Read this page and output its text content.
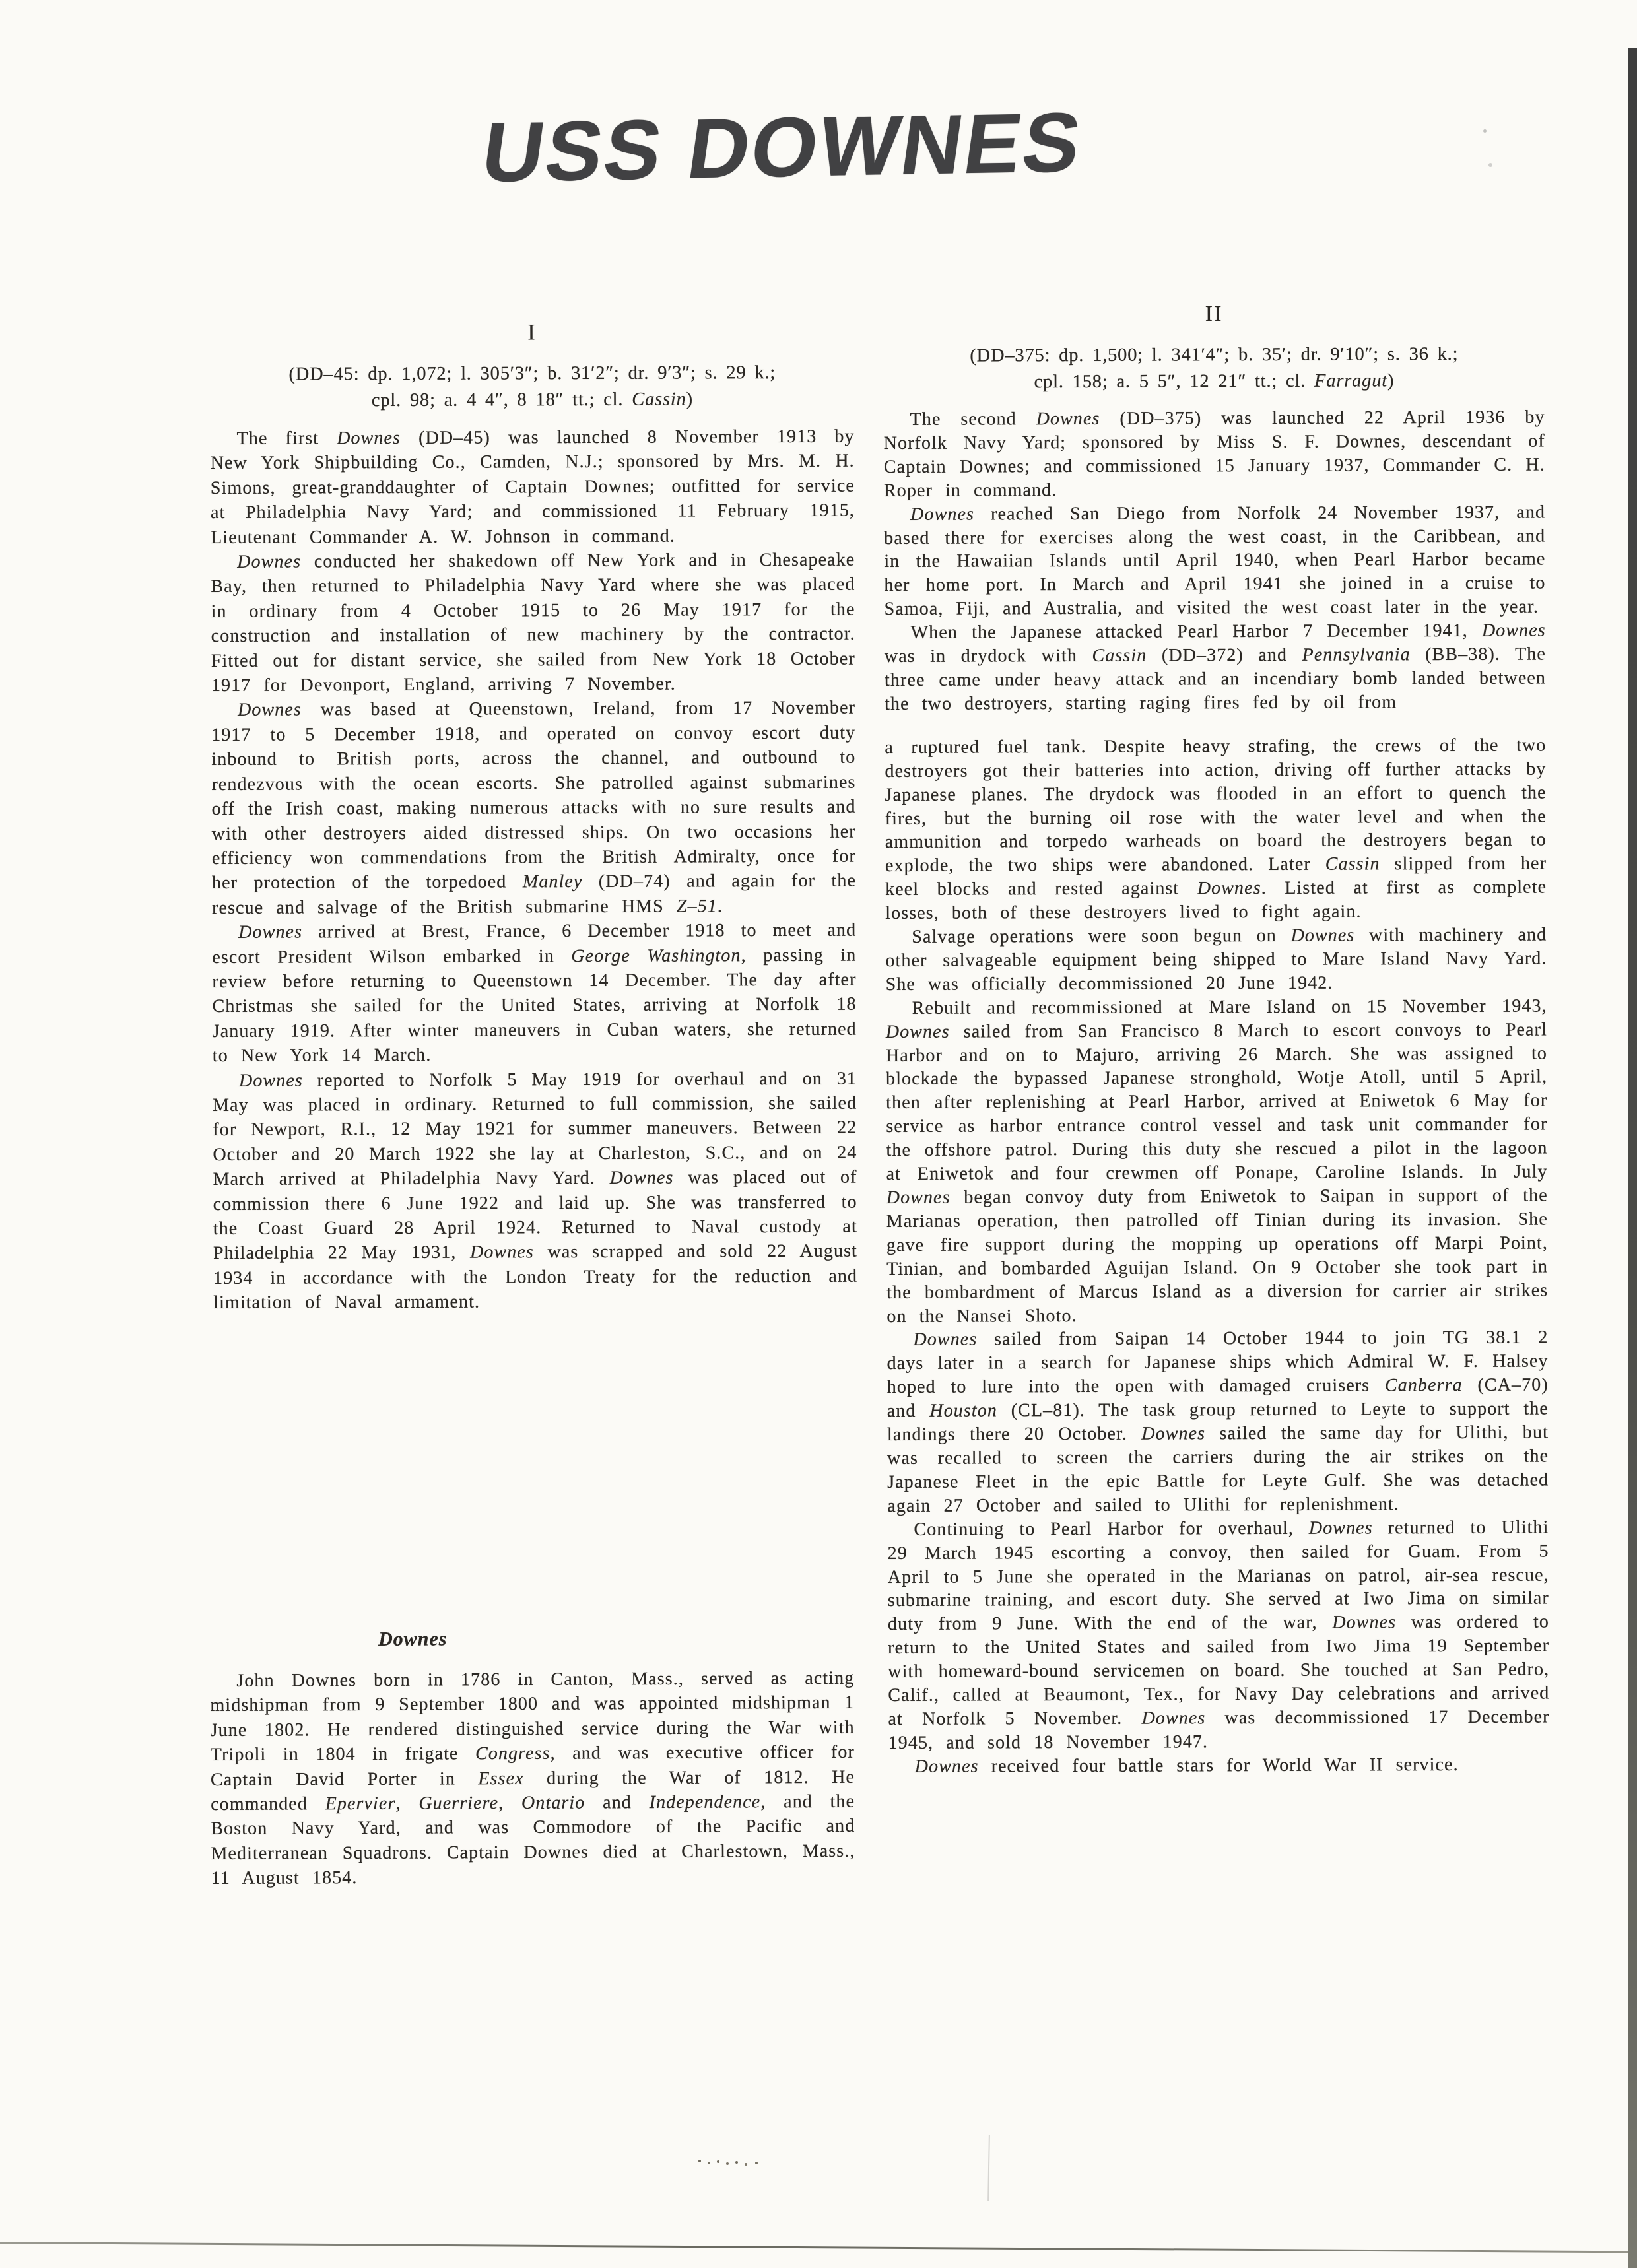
USS DOWNES
I
(DD–45: dp. 1,072; l. 305′3″; b. 31′2″; dr. 9′3″; s. 29 k.;
cpl. 98; a. 4 4″, 8 18″ tt.; cl. Cassin)

The first Downes (DD–45) was launched 8 November 1913 by New York Shipbuilding Co., Camden, N.J.; sponsored by Mrs. M. H. Simons, great-granddaughter of Captain Downes; outfitted for service at Philadelphia Navy Yard; and commissioned 11 February 1915, Lieutenant Commander A. W. Johnson in command.

Downes conducted her shakedown off New York and in Chesapeake Bay, then returned to Philadelphia Navy Yard where she was placed in ordinary from 4 October 1915 to 26 May 1917 for the construction and installation of new machinery by the contractor. Fitted out for distant service, she sailed from New York 18 October 1917 for Devonport, England, arriving 7 November.

Downes was based at Queenstown, Ireland, from 17 November 1917 to 5 December 1918, and operated on convoy escort duty inbound to British ports, across the channel, and outbound to rendezvous with the ocean escorts. She patrolled against submarines off the Irish coast, making numerous attacks with no sure results and with other destroyers aided distressed ships. On two occasions her efficiency won commendations from the British Admiralty, once for her protection of the torpedoed Manley (DD–74) and again for the rescue and salvage of the British submarine HMS Z–51.

Downes arrived at Brest, France, 6 December 1918 to meet and escort President Wilson embarked in George Washington, passing in review before returning to Queenstown 14 December. The day after Christmas she sailed for the United States, arriving at Norfolk 18 January 1919. After winter maneuvers in Cuban waters, she returned to New York 14 March.

Downes reported to Norfolk 5 May 1919 for overhaul and on 31 May was placed in ordinary. Returned to full commission, she sailed for Newport, R.I., 12 May 1921 for summer maneuvers. Between 22 October and 20 March 1922 she lay at Charleston, S.C., and on 24 March arrived at Philadelphia Navy Yard. Downes was placed out of commission there 6 June 1922 and laid up. She was transferred to the Coast Guard 28 April 1924. Returned to Naval custody at Philadelphia 22 May 1931, Downes was scrapped and sold 22 August 1934 in accordance with the London Treaty for the reduction and limitation of Naval armament.

Downes

John Downes born in 1786 in Canton, Mass., served as acting midshipman from 9 September 1800 and was appointed midshipman 1 June 1802. He rendered distinguished service during the War with Tripoli in 1804 in frigate Congress, and was executive officer for Captain David Porter in Essex during the War of 1812. He commanded Epervier, Guerriere, Ontario and Independence, and the Boston Navy Yard, and was Commodore of the Pacific and Mediterranean Squadrons. Captain Downes died at Charlestown, Mass., 11 August 1854.

II
(DD–375: dp. 1,500; l. 341′4″; b. 35′; dr. 9′10″; s. 36 k.;
cpl. 158; a. 5 5″, 12 21″ tt.; cl. Farragut)

The second Downes (DD–375) was launched 22 April 1936 by Norfolk Navy Yard; sponsored by Miss S. F. Downes, descendant of Captain Downes; and commissioned 15 January 1937, Commander C. H. Roper in command.

Downes reached San Diego from Norfolk 24 November 1937, and based there for exercises along the west coast, in the Caribbean, and in the Hawaiian Islands until April 1940, when Pearl Harbor became her home port. In March and April 1941 she joined in a cruise to Samoa, Fiji, and Australia, and visited the west coast later in the year.

When the Japanese attacked Pearl Harbor 7 December 1941, Downes was in drydock with Cassin (DD–372) and Pennsylvania (BB–38). The three came under heavy attack and an incendiary bomb landed between the two destroyers, starting raging fires fed by oil from

a ruptured fuel tank. Despite heavy strafing, the crews of the two destroyers got their batteries into action, driving off further attacks by Japanese planes. The drydock was flooded in an effort to quench the fires, but the burning oil rose with the water level and when the ammunition and torpedo warheads on board the destroyers began to explode, the two ships were abandoned. Later Cassin slipped from her keel blocks and rested against Downes. Listed at first as complete losses, both of these destroyers lived to fight again.

Salvage operations were soon begun on Downes with machinery and other salvageable equipment being shipped to Mare Island Navy Yard. She was officially decommissioned 20 June 1942.

Rebuilt and recommissioned at Mare Island on 15 November 1943, Downes sailed from San Francisco 8 March to escort convoys to Pearl Harbor and on to Majuro, arriving 26 March. She was assigned to blockade the bypassed Japanese stronghold, Wotje Atoll, until 5 April, then after replenishing at Pearl Harbor, arrived at Eniwetok 6 May for service as harbor entrance control vessel and task unit commander for the offshore patrol. During this duty she rescued a pilot in the lagoon at Eniwetok and four crewmen off Ponape, Caroline Islands. In July Downes began convoy duty from Eniwetok to Saipan in support of the Marianas operation, then patrolled off Tinian during its invasion. She gave fire support during the mopping up operations off Marpi Point, Tinian, and bombarded Aguijan Island. On 9 October she took part in the bombardment of Marcus Island as a diversion for carrier air strikes on the Nansei Shoto.

Downes sailed from Saipan 14 October 1944 to join TG 38.1 2 days later in a search for Japanese ships which Admiral W. F. Halsey hoped to lure into the open with damaged cruisers Canberra (CA–70) and Houston (CL–81). The task group returned to Leyte to support the landings there 20 October. Downes sailed the same day for Ulithi, but was recalled to screen the carriers during the air strikes on the Japanese Fleet in the epic Battle for Leyte Gulf. She was detached again 27 October and sailed to Ulithi for replenishment.

Continuing to Pearl Harbor for overhaul, Downes returned to Ulithi 29 March 1945 escorting a convoy, then sailed for Guam. From 5 April to 5 June she operated in the Marianas on patrol, air-sea rescue, submarine training, and escort duty. She served at Iwo Jima on similar duty from 9 June. With the end of the war, Downes was ordered to return to the United States and sailed from Iwo Jima 19 September with homeward-bound servicemen on board. She touched at San Pedro, Calif., called at Beaumont, Tex., for Navy Day celebrations and arrived at Norfolk 5 November. Downes was decommissioned 17 December 1945, and sold 18 November 1947.

Downes received four battle stars for World War II service.
